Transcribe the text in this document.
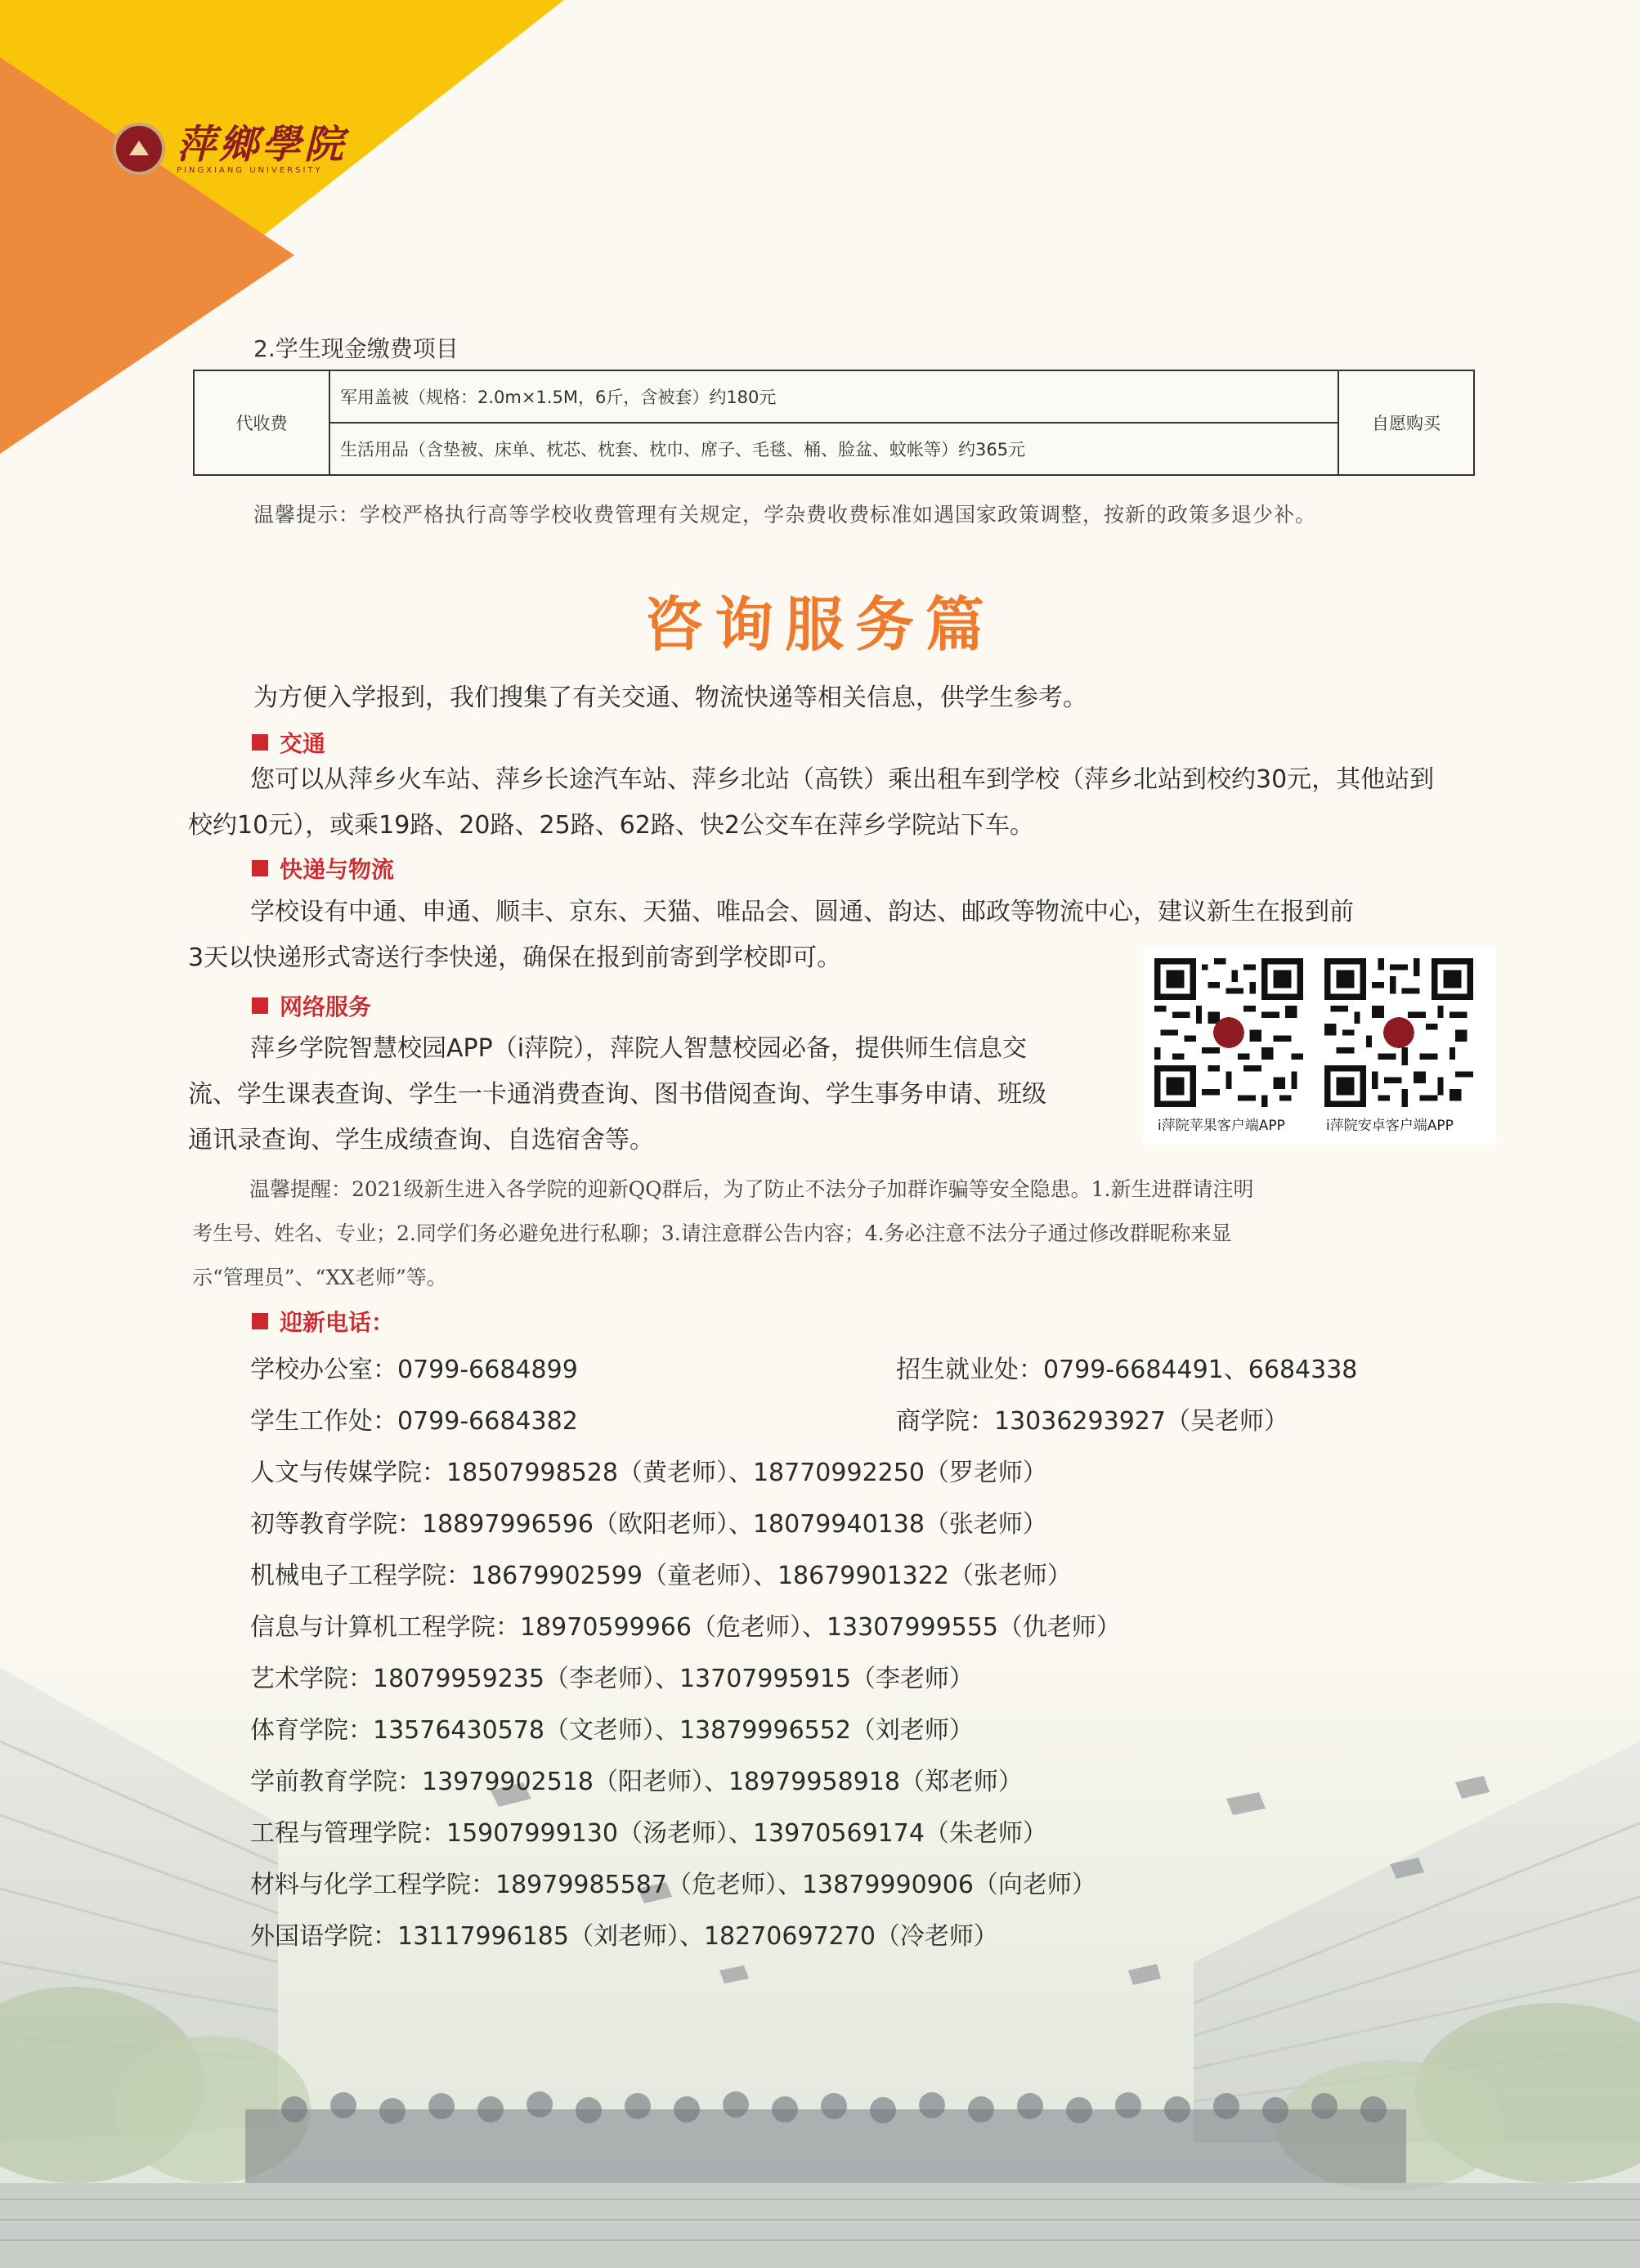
萍鄉學院
PINGXIANG UNIVERSITY
2.学生现金缴费项目
代收费	军用盖被（规格：2.0m×1.5M，6斤，含被套）约180元	自愿购买
生活用品（含垫被、床单、枕芯、枕套、枕巾、席子、毛毯、桶、脸盆、蚊帐等）约365元
温馨提示：学校严格执行高等学校收费管理有关规定，学杂费收费标准如遇国家政策调整，按新的政策多退少补。
咨询服务篇
为方便入学报到，我们搜集了有关交通、物流快递等相关信息，供学生参考。
交通
您可以从萍乡火车站、萍乡长途汽车站、萍乡北站（高铁）乘出租车到学校（萍乡北站到校约30元，其他站到
校约10元），或乘19路、20路、25路、62路、快2公交车在萍乡学院站下车。
快递与物流
学校设有中通、申通、顺丰、京东、天猫、唯品会、圆通、韵达、邮政等物流中心，建议新生在报到前
3天以快递形式寄送行李快递，确保在报到前寄到学校即可。
网络服务
萍乡学院智慧校园APP（i萍院），萍院人智慧校园必备，提供师生信息交
流、学生课表查询、学生一卡通消费查询、图书借阅查询、学生事务申请、班级
通讯录查询、学生成绩查询、自选宿舍等。	i萍院苹果客户端APP	i萍院安卓客户端APP
温馨提醒：2021级新生进入各学院的迎新QQ群后，为了防止不法分子加群诈骗等安全隐患。1.新生进群请注明
考生号、姓名、专业；2.同学们务必避免进行私聊；3.请注意群公告内容；4.务必注意不法分子通过修改群昵称来显
示“管理员”、“XX老师”等。
迎新电话：
学校办公室：0799-6684899	招生就业处：0799-6684491、6684338
学生工作处：0799-6684382	商学院：13036293927（吴老师）
人文与传媒学院：18507998528（黄老师）、18770992250（罗老师）
初等教育学院：18897996596（欧阳老师）、18079940138（张老师）
机械电子工程学院：18679902599（童老师）、18679901322（张老师）
信息与计算机工程学院：18970599966（危老师）、13307999555（仇老师）
艺术学院：18079959235（李老师）、13707995915（李老师）
体育学院：13576430578（文老师）、13879996552（刘老师）
学前教育学院：13979902518（阳老师）、18979958918（郑老师）
工程与管理学院：15907999130（汤老师）、13970569174（朱老师）
材料与化学工程学院：18979985587（危老师）、13879990906（向老师）
外国语学院：13117996185（刘老师）、18270697270（冷老师）
